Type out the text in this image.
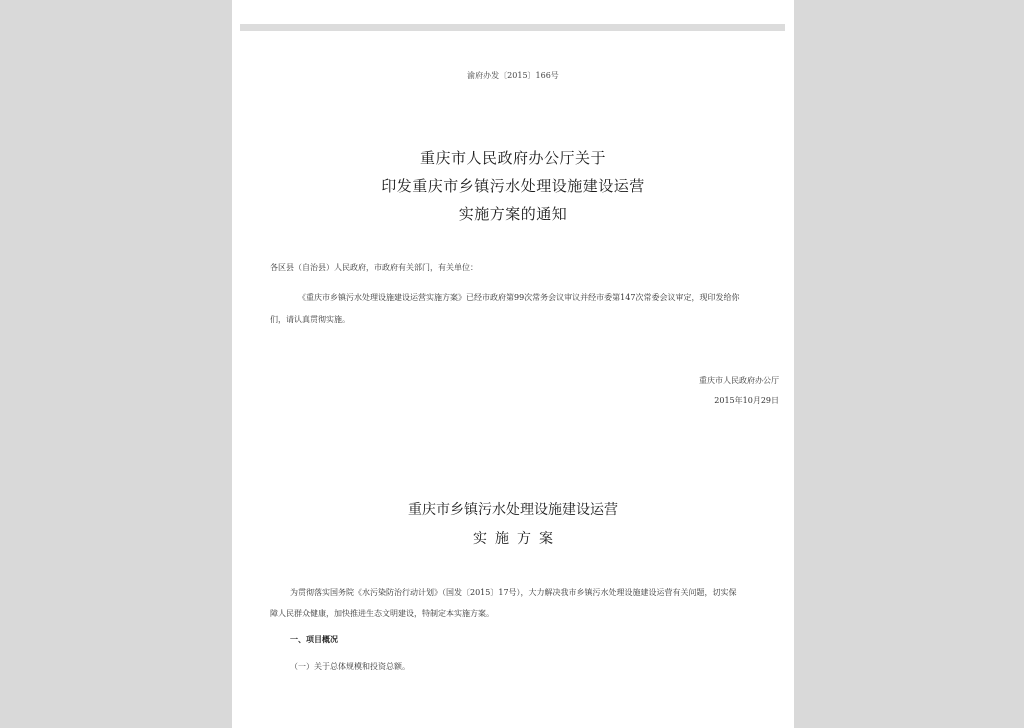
渝府办发〔2015〕166号
重庆市人民政府办公厅关于
印发重庆市乡镇污水处理设施建设运营
实施方案的通知
各区县（自治县）人民政府，市政府有关部门，有关单位：
《重庆市乡镇污水处理设施建设运营实施方案》已经市政府第99次常务会议审议并经市委第147次常委会议审定，现印发给你
们，请认真贯彻实施。
重庆市人民政府办公厅
2015年10月29日
重庆市乡镇污水处理设施建设运营
实施方案
为贯彻落实国务院《水污染防治行动计划》（国发〔2015〕17号），大力解决我市乡镇污水处理设施建设运营有关问题，切实保
障人民群众健康，加快推进生态文明建设，特制定本实施方案。
一、项目概况
（一）关于总体规模和投资总额。
